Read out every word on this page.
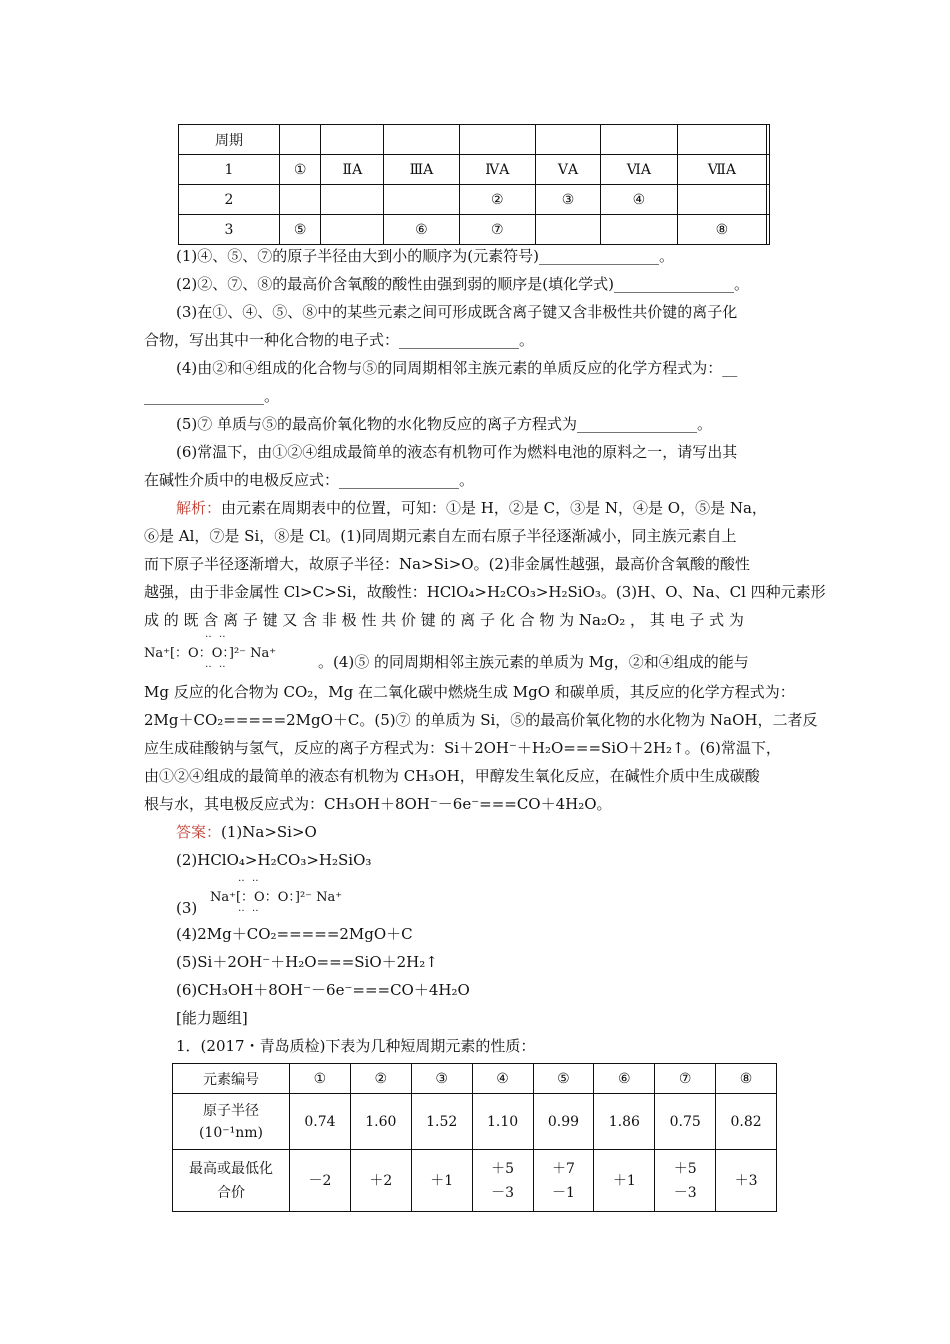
周期								
1	①	ⅡA	ⅢA	ⅣA	ⅤA	ⅥA	ⅦA	
2				②	③	④		
3	⑤		⑥	⑦			⑧	
(1)④、⑤、⑦的原子半径由大到小的顺序为(元素符号)________________。
(2)②、⑦、⑧的最高价含氧酸的酸性由强到弱的顺序是(填化学式)________________。
(3)在①、④、⑤、⑧中的某些元素之间可形成既含离子键又含非极性共价键的离子化
合物，写出其中一种化合物的电子式：________________。
(4)由②和④组成的化合物与⑤的同周期相邻主族元素的单质反应的化学方程式为：__
________________。
(5)⑦ 单质与⑤的最高价氧化物的水化物反应的离子方程式为________________。
(6)常温下，由①②④组成最简单的液态有机物可作为燃料电池的原料之一，请写出其
在碱性介质中的电极反应式：________________。
解析：由元素在周期表中的位置，可知：①是 H，②是 C，③是 N，④是 O，⑤是 Na，
⑥是 Al，⑦是 Si，⑧是 Cl。(1)同周期元素自左而右原子半径逐渐减小，同主族元素自上
而下原子半径逐渐增大，故原子半径：Na>Si>O。(2)非金属性越强，最高价含氧酸的酸性
越强，由于非金属性 Cl>C>Si，故酸性：HClO₄>H₂CO₃>H₂SiO₃。(3)H、O、Na、Cl 四种元素形
成 的 既 含 离 子 键 又 含 非 极 性 共 价 键 的 离 子 化 合 物 为 Na₂O₂ ， 其 电 子 式 为
‥ ‥
Na⁺[：O：O：]²⁻ Na⁺
‥ ‥	。(4)⑤ 的同周期相邻主族元素的单质为 Mg，②和④组成的能与
Mg 反应的化合物为 CO₂，Mg 在二氧化碳中燃烧生成 MgO 和碳单质，其反应的化学方程式为：
2Mg＋CO₂=====2MgO＋C。(5)⑦ 的单质为 Si，⑤的最高价氧化物的水化物为 NaOH，二者反
应生成硅酸钠与氢气，反应的离子方程式为：Si＋2OH⁻＋H₂O===SiO＋2H₂↑。(6)常温下，
由①②④组成的最简单的液态有机物为 CH₃OH，甲醇发生氧化反应，在碱性介质中生成碳酸
根与水，其电极反应式为：CH₃OH＋8OH⁻－6e⁻===CO＋4H₂O。
答案：(1)Na>Si>O
(2)HClO₄>H₂CO₃>H₂SiO₃
‥ ‥
Na⁺[：O：O：]²⁻ Na⁺
‥ ‥
(3)
(4)2Mg＋CO₂=====2MgO＋C
(5)Si＋2OH⁻＋H₂O===SiO＋2H₂↑
(6)CH₃OH＋8OH⁻－6e⁻===CO＋4H₂O
[能力题组]
1．(2017・青岛质检)下表为几种短周期元素的性质：
元素编号	①	②	③	④	⑤	⑥	⑦	⑧
原子半径(10⁻¹nm)	0.74	1.60	1.52	1.10	0.99	1.86	0.75	0.82
最高或最低化合价	－2	＋2	＋1	＋5
－3	＋7
－1	＋1	＋5
－3	＋3
